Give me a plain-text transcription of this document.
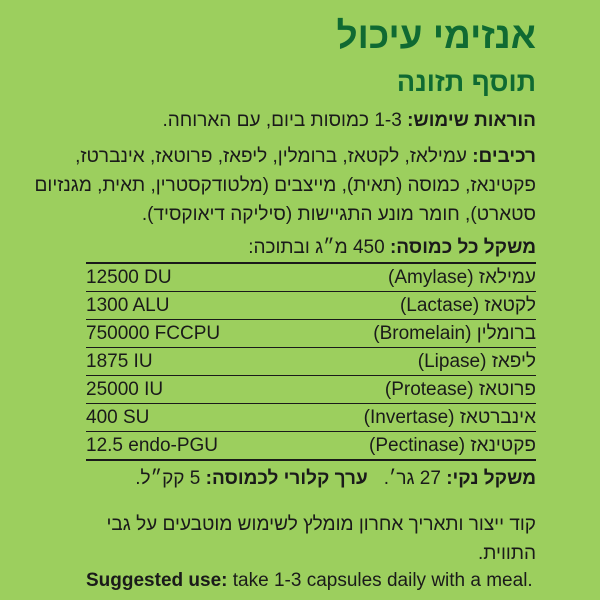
אנזימי עיכול
תוסף תזונה

הוראות שימוש: 1-3 כמוסות ביום, עם הארוחה.

רכיבים: עמילאז, לקטאז, ברומלין, ליפאז, פרוטאז, אינברטז, פקטינאז, כמוסה (תאית), מייצבים (מלטודקסטרין, תאית, מגנזיום סטארט), חומר מונע התגיישות (סיליקה דיאוקסיד).

משקל כל כמוסה: 450 מ״ג ובתוכה:

12500 DU	עמילאז (Amylase)
1300 ALU	לקטאז (Lactase)
750000 FCCPU	ברומלין (Bromelain)
1875 IU	ליפאז (Lipase)
25000 IU	פרוטאז (Protease)
400 SU	אינברטאז (Invertase)
12.5 endo-PGU	פקטינאז (Pectinase)

משקל נקי: 27 גר׳.ערך קלורי לכמוסה: 5 קק״ל.

קוד ייצור ותאריך אחרון מומלץ לשימוש מוטבעים על גבי התווית.

Suggested use: take 1-3 capsules daily with a meal.
